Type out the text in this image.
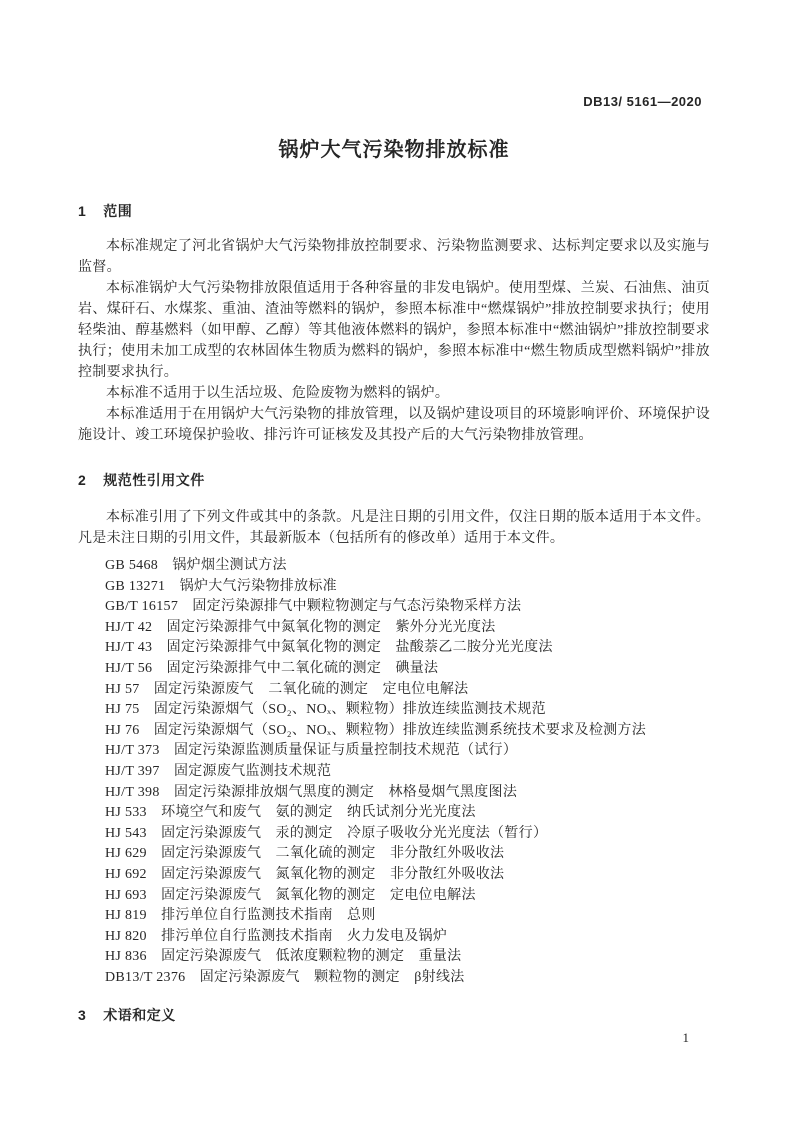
DB13/ 5161—2020
锅炉大气污染物排放标准
1 范围

本标准规定了河北省锅炉大气污染物排放控制要求、污染物监测要求、达标判定要求以及实施与监督。

本标准锅炉大气污染物排放限值适用于各种容量的非发电锅炉。使用型煤、兰炭、石油焦、油页岩、煤矸石、水煤浆、重油、渣油等燃料的锅炉，参照本标准中“燃煤锅炉”排放控制要求执行；使用轻柴油、醇基燃料（如甲醇、乙醇）等其他液体燃料的锅炉，参照本标准中“燃油锅炉”排放控制要求执行；使用未加工成型的农林固体生物质为燃料的锅炉，参照本标准中“燃生物质成型燃料锅炉”排放控制要求执行。

本标准不适用于以生活垃圾、危险废物为燃料的锅炉。

本标准适用于在用锅炉大气污染物的排放管理，以及锅炉建设项目的环境影响评价、环境保护设施设计、竣工环境保护验收、排污许可证核发及其投产后的大气污染物排放管理。

2 规范性引用文件

本标准引用了下列文件或其中的条款。凡是注日期的引用文件，仅注日期的版本适用于本文件。凡是未注日期的引用文件，其最新版本（包括所有的修改单）适用于本文件。

GB 5468　锅炉烟尘测试方法
GB 13271　锅炉大气污染物排放标准
GB/T 16157　固定污染源排气中颗粒物测定与气态污染物采样方法
HJ/T 42　固定污染源排气中氮氧化物的测定　紫外分光光度法
HJ/T 43　固定污染源排气中氮氧化物的测定　盐酸萘乙二胺分光光度法
HJ/T 56　固定污染源排气中二氧化硫的测定　碘量法
HJ 57　固定污染源废气　二氧化硫的测定　定电位电解法
HJ 75　固定污染源烟气（SO₂、NOₓ、颗粒物）排放连续监测技术规范
HJ 76　固定污染源烟气（SO₂、NOₓ、颗粒物）排放连续监测系统技术要求及检测方法
HJ/T 373　固定污染源监测质量保证与质量控制技术规范（试行）
HJ/T 397　固定源废气监测技术规范
HJ/T 398　固定污染源排放烟气黑度的测定　林格曼烟气黑度图法
HJ 533　环境空气和废气　氨的测定　纳氏试剂分光光度法
HJ 543　固定污染源废气　汞的测定　冷原子吸收分光光度法（暂行）
HJ 629　固定污染源废气　二氧化硫的测定　非分散红外吸收法
HJ 692　固定污染源废气　氮氧化物的测定　非分散红外吸收法
HJ 693　固定污染源废气　氮氧化物的测定　定电位电解法
HJ 819　排污单位自行监测技术指南　总则
HJ 820　排污单位自行监测技术指南　火力发电及锅炉
HJ 836　固定污染源废气　低浓度颗粒物的测定　重量法
DB13/T 2376　固定污染源废气　颗粒物的测定　β射线法
3 术语和定义
1
